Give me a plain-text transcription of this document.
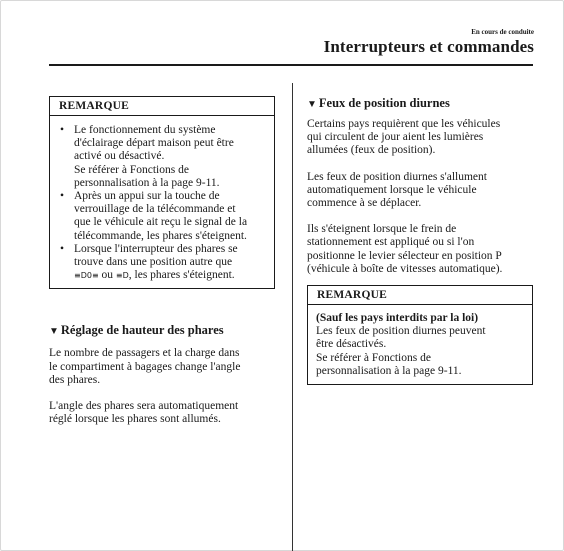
En cours de conduite
Interrupteurs et commandes
REMARQUE
• Le fonctionnement du système
d'éclairage départ maison peut être
activé ou désactivé.
Se référer à Fonctions de
personnalisation à la page 9-11.
• Après un appui sur la touche de
verrouillage de la télécommande et
que le véhicule ait reçu le signal de la
télécommande, les phares s'éteignent.
• Lorsque l'interrupteur des phares se
trouve dans une position autre que
≡D0≡ ou ≡D, les phares s'éteignent.
▼ Réglage de hauteur des phares

Le nombre de passagers et la charge dans
le compartiment à bagages change l'angle
des phares.

L'angle des phares sera automatiquement
réglé lorsque les phares sont allumés.

▼ Feux de position diurnes

Certains pays requièrent que les véhicules
qui circulent de jour aient les lumières
allumées (feux de position).

Les feux de position diurnes s'allument
automatiquement lorsque le véhicule
commence à se déplacer.

Ils s'éteignent lorsque le frein de
stationnement est appliqué ou si l'on
positionne le levier sélecteur en position P
(véhicule à boîte de vitesses automatique).

REMARQUE
(Sauf les pays interdits par la loi)
Les feux de position diurnes peuvent
être désactivés.
Se référer à Fonctions de
personnalisation à la page 9-11.
